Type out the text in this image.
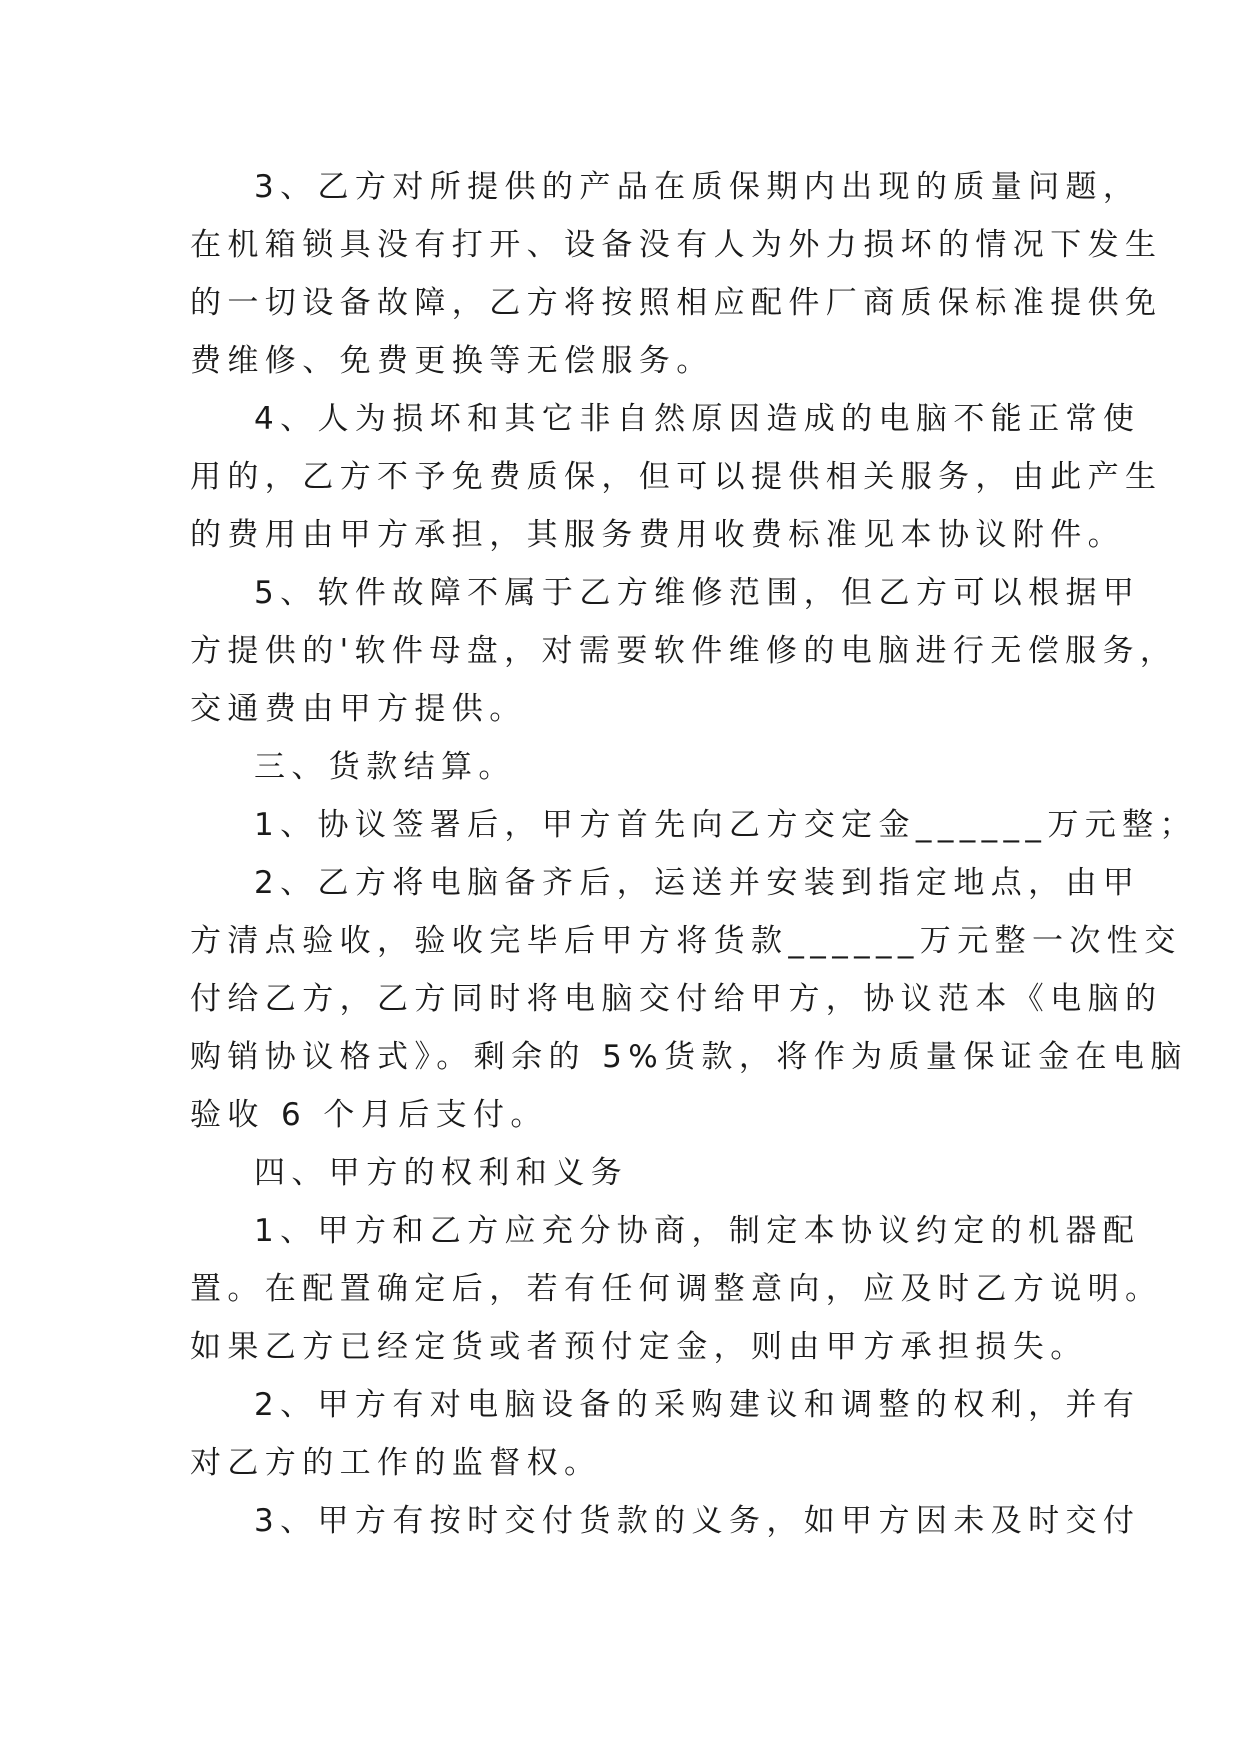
3、乙方对所提供的产品在质保期内出现的质量问题，
在机箱锁具没有打开、设备没有人为外力损坏的情况下发生
的一切设备故障，乙方将按照相应配件厂商质保标准提供免
费维修、免费更换等无偿服务。
4、人为损坏和其它非自然原因造成的电脑不能正常使
用的，乙方不予免费质保，但可以提供相关服务，由此产生
的费用由甲方承担，其服务费用收费标准见本协议附件。
5、软件故障不属于乙方维修范围，但乙方可以根据甲
方提供的'软件母盘，对需要软件维修的电脑进行无偿服务，
交通费由甲方提供。
三、货款结算。
1、协议签署后，甲方首先向乙方交定金______万元整；
2、乙方将电脑备齐后，运送并安装到指定地点，由甲
方清点验收，验收完毕后甲方将货款______万元整一次性交
付给乙方，乙方同时将电脑交付给甲方，协议范本《电脑的
购销协议格式》。剩余的 5%货款，将作为质量保证金在电脑
验收 6 个月后支付。
四、甲方的权利和义务
1、甲方和乙方应充分协商，制定本协议约定的机器配
置。在配置确定后，若有任何调整意向，应及时乙方说明。
如果乙方已经定货或者预付定金，则由甲方承担损失。
2、甲方有对电脑设备的采购建议和调整的权利，并有
对乙方的工作的监督权。
3、甲方有按时交付货款的义务，如甲方因未及时交付
